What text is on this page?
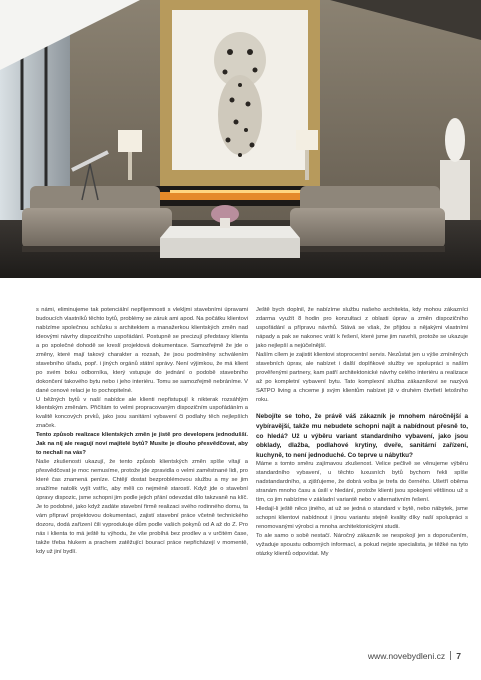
s námi, eliminujeme tak potenciální nepřijemnosti s vlekljmi stavebními úpravami budoucích vlastníků těchto bytů, problémy se záruk ami apod. Na počátku klientovi nabízíme společnou schůzku s architektem a manažerkou klientských změn nad ideovými návrhy dispozičního uspořádání. Postupně se precizují představy klienta a po společné dohodě se kreslí projektová dokumentace. Samozřejmě že jde o změny, které mají takový charakter a rozsah, že jsou podmíněny schválením stavebního úřadu, popř. i jiných orgánů státní správy. Není výjimkou, že má klient po svém boku odborníka, který vstupuje do jednání o podobě stavebního dokončení takového bytu nebo i jeho interiéru. Tomu se samozřejmě nebráníme. V dané cenové relaci je to pochopitelné.

U běžných bytů v naší nabídce ale klienti nepřistupují k nikterak rozsáhlým klientským změnám. Přičítám to velmi propracovaným dispozičním uspořádáním a kvalitě koncových prvků, jako jsou sanitární vybavení či podlahy těch nejlepších značek.

Tento způsob realizace klientských změn je jistě pro developera jednodušší. Jak na níj ale reagují noví majitelé bytů? Musíte je dlouho přesvědčovat, aby to nechali na vás?

Naše zkušenosti ukazují, že tento způsob klientských změn spíše vítají a přesvědčovat je moc nemusíme, protože jde zpravidla o velmi zaměstnané lidi, pro které čas znamená peníze. Chtějí dostat bezproblémovou službu a my se jim snažíme natolik vyjít vstříc, aby měli co nejméně starostí. Když jde o stavební úpravy dispozic, jsme schopni jim podle jejich přání odevzdat dílo takzvaně na klíč. Je to podobné, jako když zadáte stavební firmě realizaci svého rodinného domu, ta vám připraví projektovou dokumentaci, zajistí stavební práce včetně technického dozoru, dodá zařízení čili vyprodukuje dům podle vašich pokynů od A až do Z. Pro nás i klienta to má ještě tu výhodu, že vše probíhá bez prodlev a v určitém čase, takže třeba hlukem a prachem zatěžující bourací práce nepřicházejí v momentě, kdy už jiní bydlí.

Ještě bych doplnil, že nabízíme službu našeho architekta, kdy mohou zákazníci zdarma využít 8 hodin pro konzultaci z oblasti úprav a změn dispozičního uspořádání a přípravu návrhů. Stává se však, že přijdou s nějakými vlastními nápady a pak se nakonec vrátí k řešení, které jsme jim navrhli, protože se ukazuje jako nejlepší a nejúčelnější.

Naším cílem je zajistit klientovi stoprocentní servis. Nezůstat jen u výše zmíněných stavebních úprav, ale nabízet i další doplňkové služby ve spolupráci s naším prověřenými partnery, kam patří architektonické návrhy celého interiéru a realizace až po kompletní vybavení bytu. Tato komplexní služba zákazníkovi se nazývá SATPO living a chceme ji svým klientům nabízet již v druhém čtvrtletí letošního roku.

Nebojíte se toho, že právě váš zákazník je mnohem náročnější a vybíravější, takže mu nebudete schopni najít a nabídnout přesně to, co hledá? Už u výběru variant standardního vybavení, jako jsou obklady, dlažba, podlahové krytiny, dveře, sanitární zařízení, kuchyně, to není jednoduché. Co teprve u nábytku?

Máme s tomto směru zajímavou zkušenost. Velice pečlivě se věnujeme výběru standardního vybavení, u těchto luxusních bytů bychom řekli spíše nadstandardního, a zjišťujeme, že dobrá volba je trefa do černého. Ušetří oběma stranám mnoho času a úsilí v hledání, protože klienti jsou spokojeni většinou už s tím, co jim nabízíme v základní variantě nebo v alternativním řešení.

Hledají-li ještě něco jiného, at už se jedná o standard v bytě, nebo nábytek, jsme schopni klientovi nabídnout i jinou variantu stejně kvality díky naší spolupráci s renomovanými výrobci a mnoha architektonickými studii.

To ale samo o sobě nestačí. Náročný zákazník se nespokojí jen s doporučením, vyžaduje spoustu odborných informací, a pokud nejste specialista, je těžké na tyto otázky klientů odpovídat. My

www.novebydleni.cz 7
